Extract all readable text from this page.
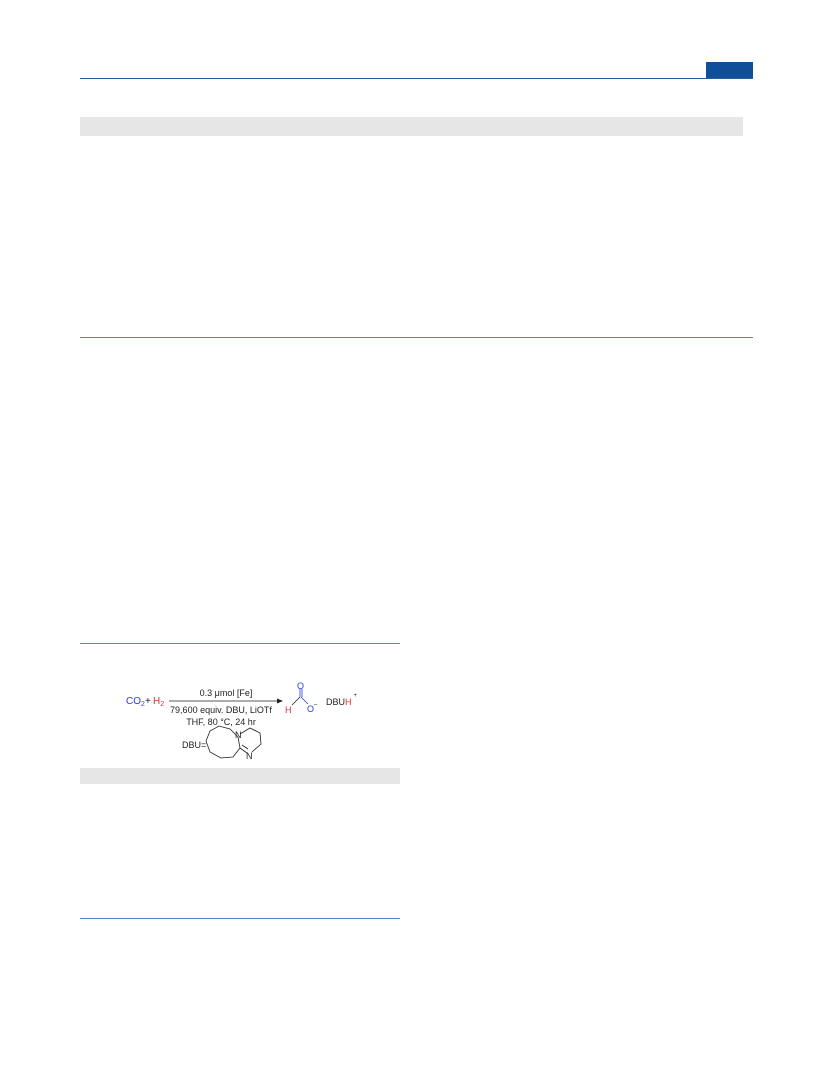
$CO_2 + H_2$
0.3 μmol [Fe]
79,600 equiv. DBU, LiOTf
THF, 80 °C, 24 hr
H
O
O – DBUH+
DBU=
N
N
